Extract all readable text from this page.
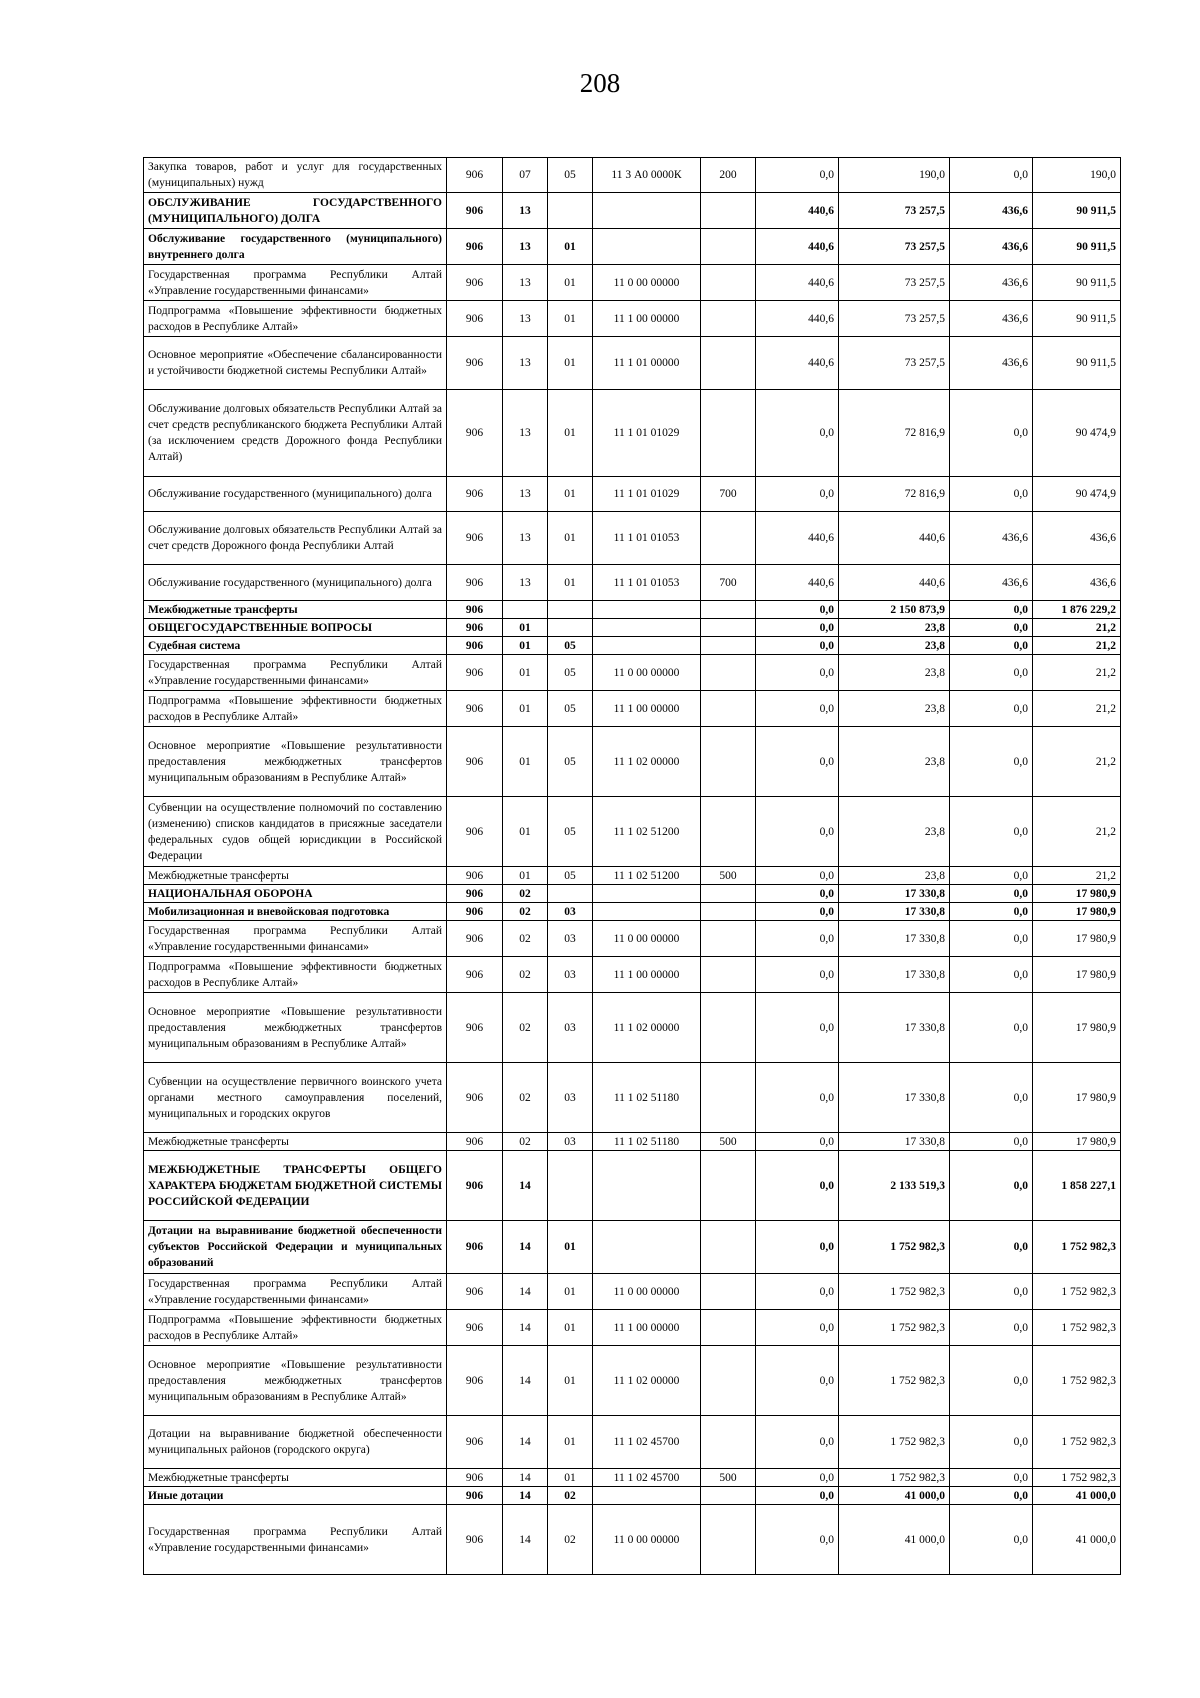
208
Закупка товаров, работ и услуг для государственных (муниципальных) нужд	906	07	05	11 3 А0 0000К	200	0,0	190,0	0,0	190,0
ОБСЛУЖИВАНИЕ ГОСУДАРСТВЕННОГО (МУНИЦИПАЛЬНОГО) ДОЛГА	906	13				440,6	73 257,5	436,6	90 911,5
Обслуживание государственного (муниципального) внутреннего долга	906	13	01			440,6	73 257,5	436,6	90 911,5
Государственная программа Республики Алтай «Управление государственными финансами»	906	13	01	11 0 00 00000		440,6	73 257,5	436,6	90 911,5
Подпрограмма «Повышение эффективности бюджетных расходов в Республике Алтай»	906	13	01	11 1 00 00000		440,6	73 257,5	436,6	90 911,5
Основное мероприятие «Обеспечение сбалансированности и устойчивости бюджетной системы Республики Алтай»	906	13	01	11 1 01 00000		440,6	73 257,5	436,6	90 911,5
Обслуживание долговых обязательств Республики Алтай за счет средств республиканского бюджета Республики Алтай (за исключением средств Дорожного фонда Республики Алтай)	906	13	01	11 1 01 01029		0,0	72 816,9	0,0	90 474,9
Обслуживание государственного (муниципального) долга	906	13	01	11 1 01 01029	700	0,0	72 816,9	0,0	90 474,9
Обслуживание долговых обязательств Республики Алтай за счет средств Дорожного фонда Республики Алтай	906	13	01	11 1 01 01053		440,6	440,6	436,6	436,6
Обслуживание государственного (муниципального) долга	906	13	01	11 1 01 01053	700	440,6	440,6	436,6	436,6
Межбюджетные трансферты	906					0,0	2 150 873,9	0,0	1 876 229,2
ОБЩЕГОСУДАРСТВЕННЫЕ ВОПРОСЫ	906	01				0,0	23,8	0,0	21,2
Судебная система	906	01	05			0,0	23,8	0,0	21,2
Государственная программа Республики Алтай «Управление государственными финансами»	906	01	05	11 0 00 00000		0,0	23,8	0,0	21,2
Подпрограмма «Повышение эффективности бюджетных расходов в Республике Алтай»	906	01	05	11 1 00 00000		0,0	23,8	0,0	21,2
Основное мероприятие «Повышение результативности предоставления межбюджетных трансфертов муниципальным образованиям в Республике Алтай»	906	01	05	11 1 02 00000		0,0	23,8	0,0	21,2
Субвенции на осуществление полномочий по составлению (изменению) списков кандидатов в присяжные заседатели федеральных судов общей юрисдикции в Российской Федерации	906	01	05	11 1 02 51200		0,0	23,8	0,0	21,2
Межбюджетные трансферты	906	01	05	11 1 02 51200	500	0,0	23,8	0,0	21,2
НАЦИОНАЛЬНАЯ ОБОРОНА	906	02				0,0	17 330,8	0,0	17 980,9
Мобилизационная и вневойсковая подготовка	906	02	03			0,0	17 330,8	0,0	17 980,9
Государственная программа Республики Алтай «Управление государственными финансами»	906	02	03	11 0 00 00000		0,0	17 330,8	0,0	17 980,9
Подпрограмма «Повышение эффективности бюджетных расходов в Республике Алтай»	906	02	03	11 1 00 00000		0,0	17 330,8	0,0	17 980,9
Основное мероприятие «Повышение результативности предоставления межбюджетных трансфертов муниципальным образованиям в Республике Алтай»	906	02	03	11 1 02 00000		0,0	17 330,8	0,0	17 980,9
Субвенции на осуществление первичного воинского учета органами местного самоуправления поселений, муниципальных и городских округов	906	02	03	11 1 02 51180		0,0	17 330,8	0,0	17 980,9
Межбюджетные трансферты	906	02	03	11 1 02 51180	500	0,0	17 330,8	0,0	17 980,9
МЕЖБЮДЖЕТНЫЕ ТРАНСФЕРТЫ ОБЩЕГО ХАРАКТЕРА БЮДЖЕТАМ БЮДЖЕТНОЙ СИСТЕМЫ РОССИЙСКОЙ ФЕДЕРАЦИИ	906	14				0,0	2 133 519,3	0,0	1 858 227,1
Дотации на выравнивание бюджетной обеспеченности субъектов Российской Федерации и муниципальных образований	906	14	01			0,0	1 752 982,3	0,0	1 752 982,3
Государственная программа Республики Алтай «Управление государственными финансами»	906	14	01	11 0 00 00000		0,0	1 752 982,3	0,0	1 752 982,3
Подпрограмма «Повышение эффективности бюджетных расходов в Республике Алтай»	906	14	01	11 1 00 00000		0,0	1 752 982,3	0,0	1 752 982,3
Основное мероприятие «Повышение результативности предоставления межбюджетных трансфертов муниципальным образованиям в Республике Алтай»	906	14	01	11 1 02 00000		0,0	1 752 982,3	0,0	1 752 982,3
Дотации на выравнивание бюджетной обеспеченности муниципальных районов (городского округа)	906	14	01	11 1 02 45700		0,0	1 752 982,3	0,0	1 752 982,3
Межбюджетные трансферты	906	14	01	11 1 02 45700	500	0,0	1 752 982,3	0,0	1 752 982,3
Иные дотации	906	14	02			0,0	41 000,0	0,0	41 000,0
Государственная программа Республики Алтай «Управление государственными финансами»	906	14	02	11 0 00 00000		0,0	41 000,0	0,0	41 000,0
